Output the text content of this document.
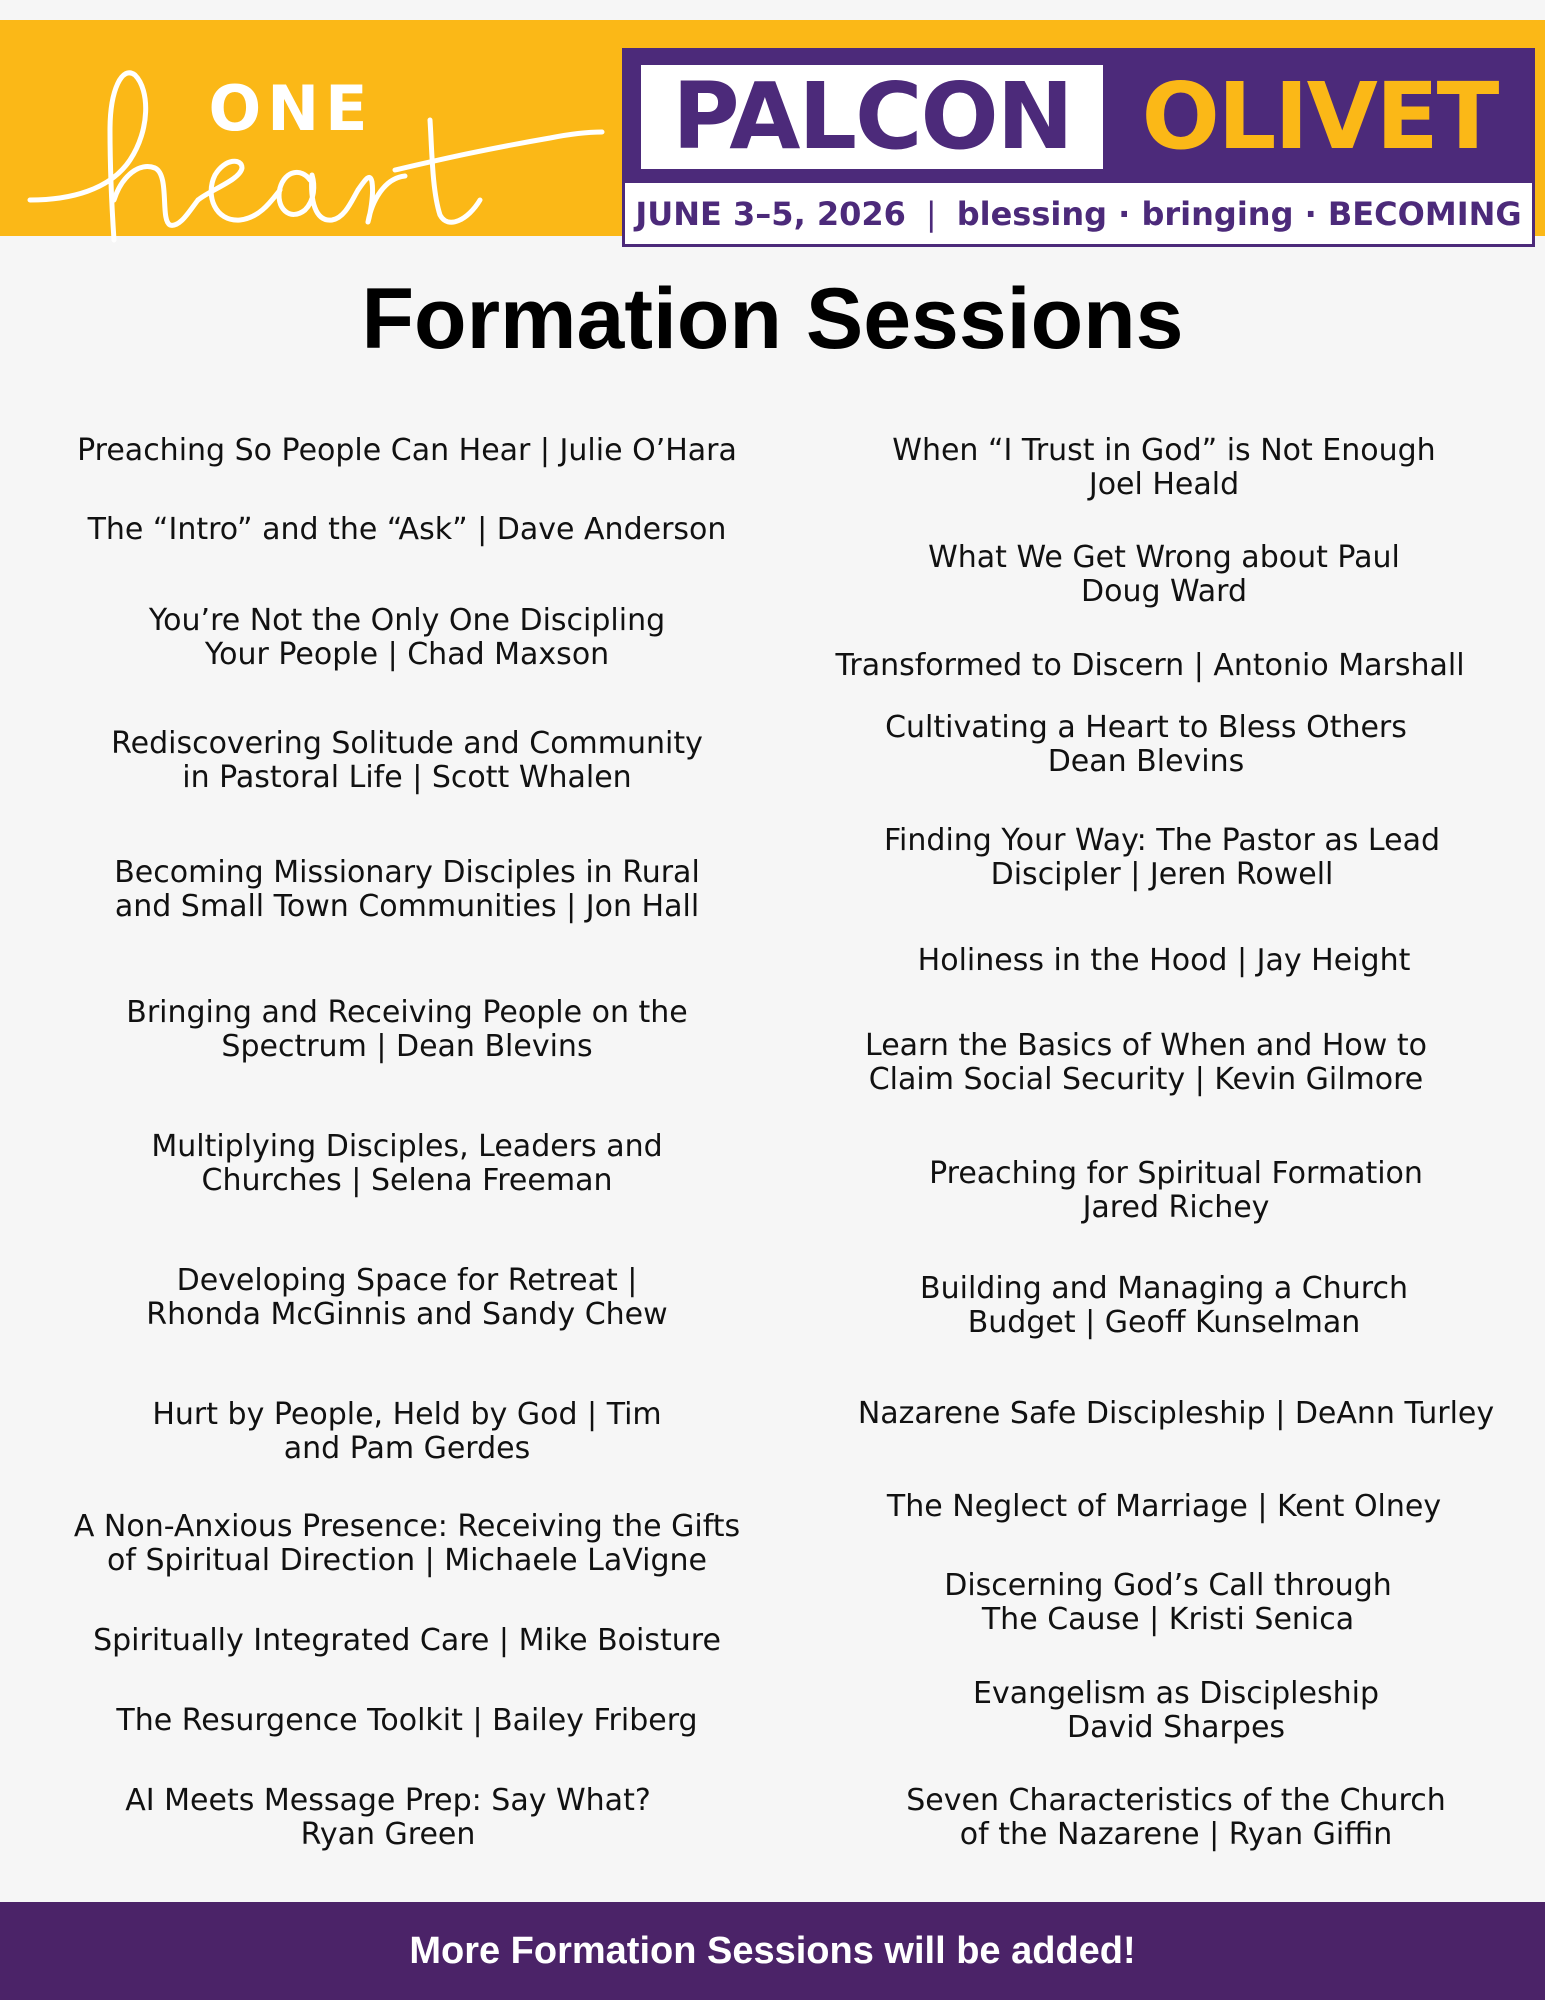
ONE	PALCON OLIVET
JUNE 3–5, 2026 | blessing · bringing · BECOMING
Formation Sessions
Preaching So People Can Hear | Julie O’Hara
The “Intro” and the “Ask” | Dave Anderson
You’re Not the Only One Discipling
Your People | Chad Maxson
Rediscovering Solitude and Community
in Pastoral Life | Scott Whalen
Becoming Missionary Disciples in Rural
and Small Town Communities | Jon Hall
Bringing and Receiving People on the
Spectrum | Dean Blevins
Multiplying Disciples, Leaders and
Churches | Selena Freeman
Developing Space for Retreat |
Rhonda McGinnis and Sandy Chew
Hurt by People, Held by God | Tim
and Pam Gerdes
A Non-Anxious Presence: Receiving the Gifts
of Spiritual Direction | Michaele LaVigne
Spiritually Integrated Care | Mike Boisture
The Resurgence Toolkit | Bailey Friberg
AI Meets Message Prep: Say What?
Ryan Green
When “I Trust in God” is Not Enough
Joel Heald
What We Get Wrong about Paul
Doug Ward
Transformed to Discern | Antonio Marshall
Cultivating a Heart to Bless Others
Dean Blevins
Finding Your Way: The Pastor as Lead
Discipler | Jeren Rowell
Holiness in the Hood | Jay Height
Learn the Basics of When and How to
Claim Social Security | Kevin Gilmore
Preaching for Spiritual Formation
Jared Richey
Building and Managing a Church
Budget | Geoff Kunselman
Nazarene Safe Discipleship | DeAnn Turley
The Neglect of Marriage | Kent Olney
Discerning God’s Call through
The Cause | Kristi Senica
Evangelism as Discipleship
David Sharpes
Seven Characteristics of the Church
of the Nazarene | Ryan Giffin
More Formation Sessions will be added!
